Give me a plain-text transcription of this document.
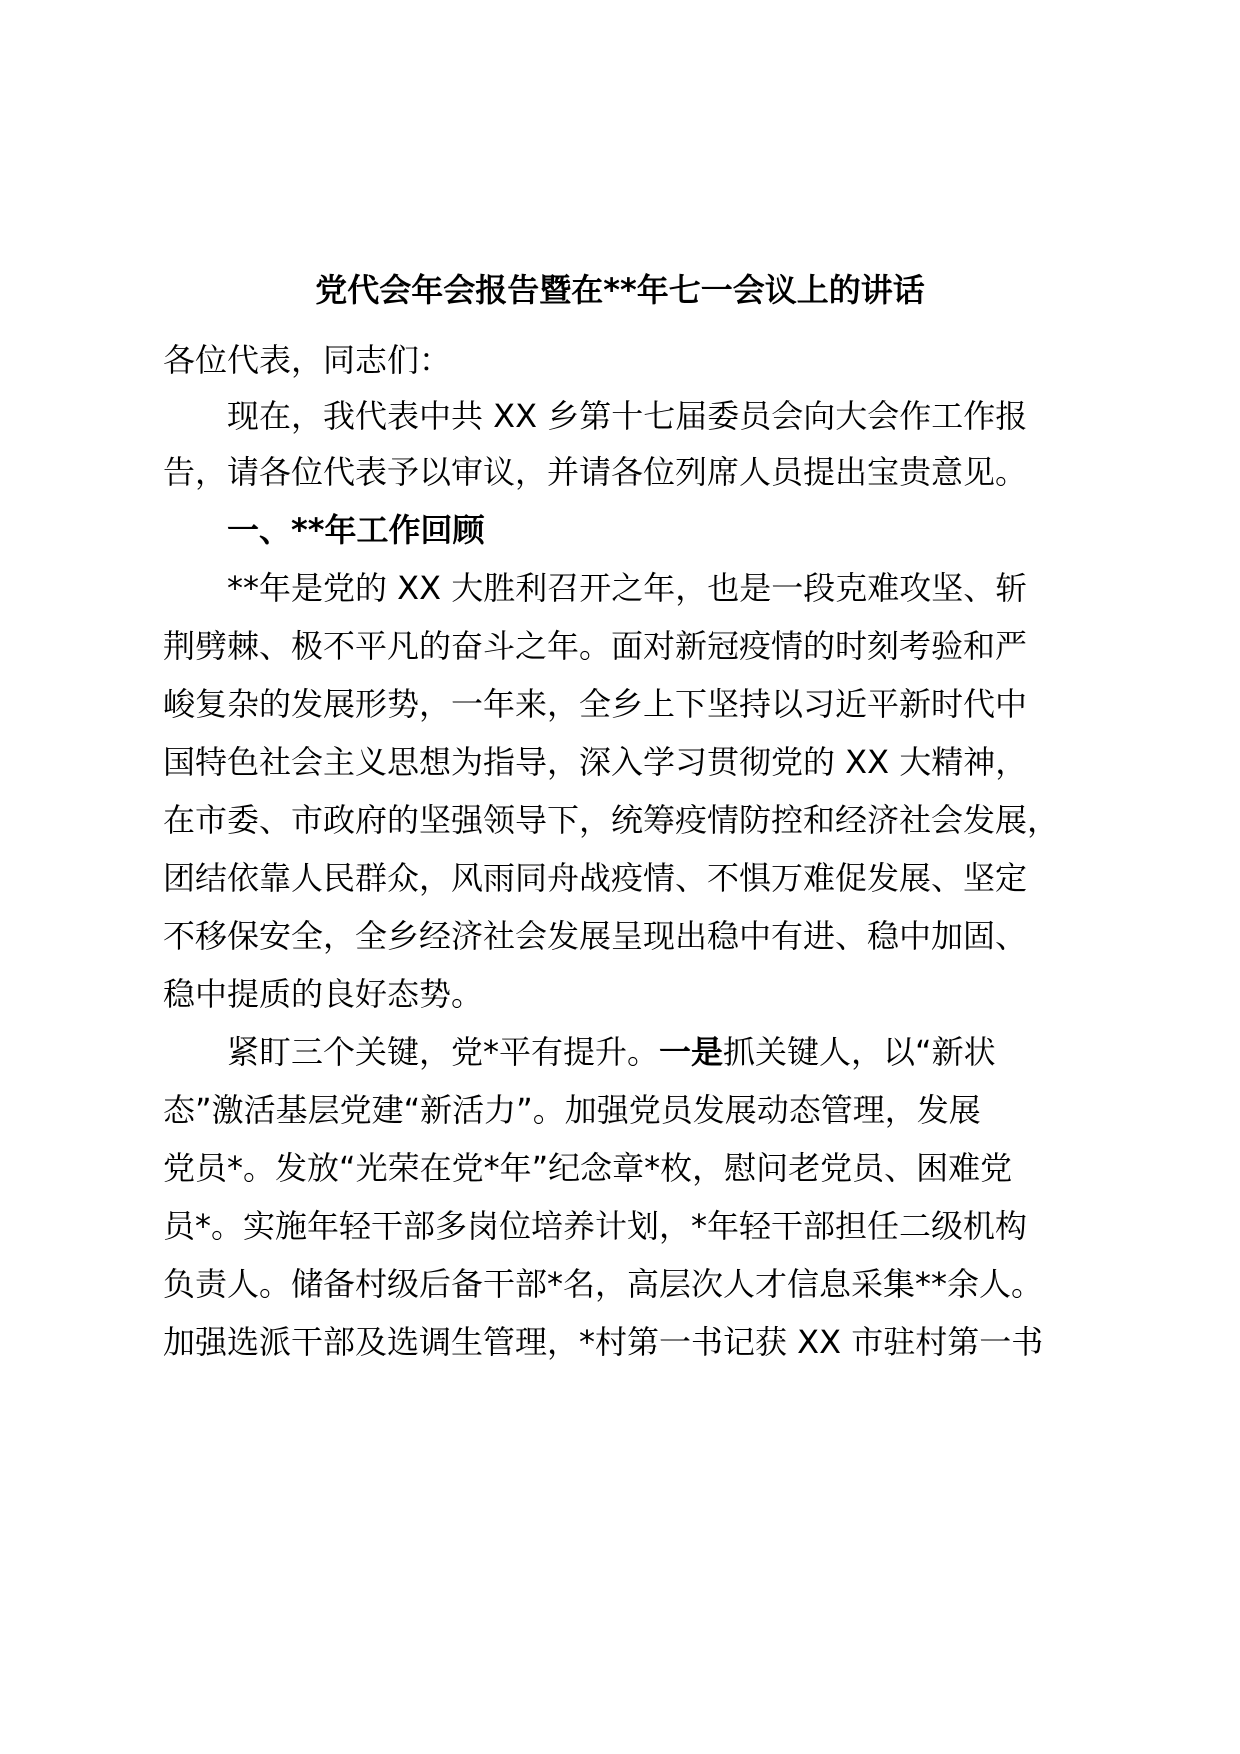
党代会年会报告暨在**年七一会议上的讲话

各位代表，同志们：

　　现在，我代表中共 XX 乡第十七届委员会向大会作工作报

告，请各位代表予以审议，并请各位列席人员提出宝贵意见。

　　一、**年工作回顾

　　**年是党的 XX 大胜利召开之年，也是一段克难攻坚、斩

荆劈棘、极不平凡的奋斗之年。面对新冠疫情的时刻考验和严

峻复杂的发展形势，一年来，全乡上下坚持以习近平新时代中

国特色社会主义思想为指导，深入学习贯彻党的 XX 大精神，

在市委、市政府的坚强领导下，统筹疫情防控和经济社会发展，

团结依靠人民群众，风雨同舟战疫情、不惧万难促发展、坚定

不移保安全，全乡经济社会发展呈现出稳中有进、稳中加固、

稳中提质的良好态势。

　　紧盯三个关键，党*平有提升。一是抓关键人，以“新状

态”激活基层党建“新活力”。加强党员发展动态管理，发展

党员*。发放“光荣在党*年”纪念章*枚，慰问老党员、困难党

员*。实施年轻干部多岗位培养计划，*年轻干部担任二级机构

负责人。储备村级后备干部*名，高层次人才信息采集**余人。

加强选派干部及选调生管理，*村第一书记获 XX 市驻村第一书
